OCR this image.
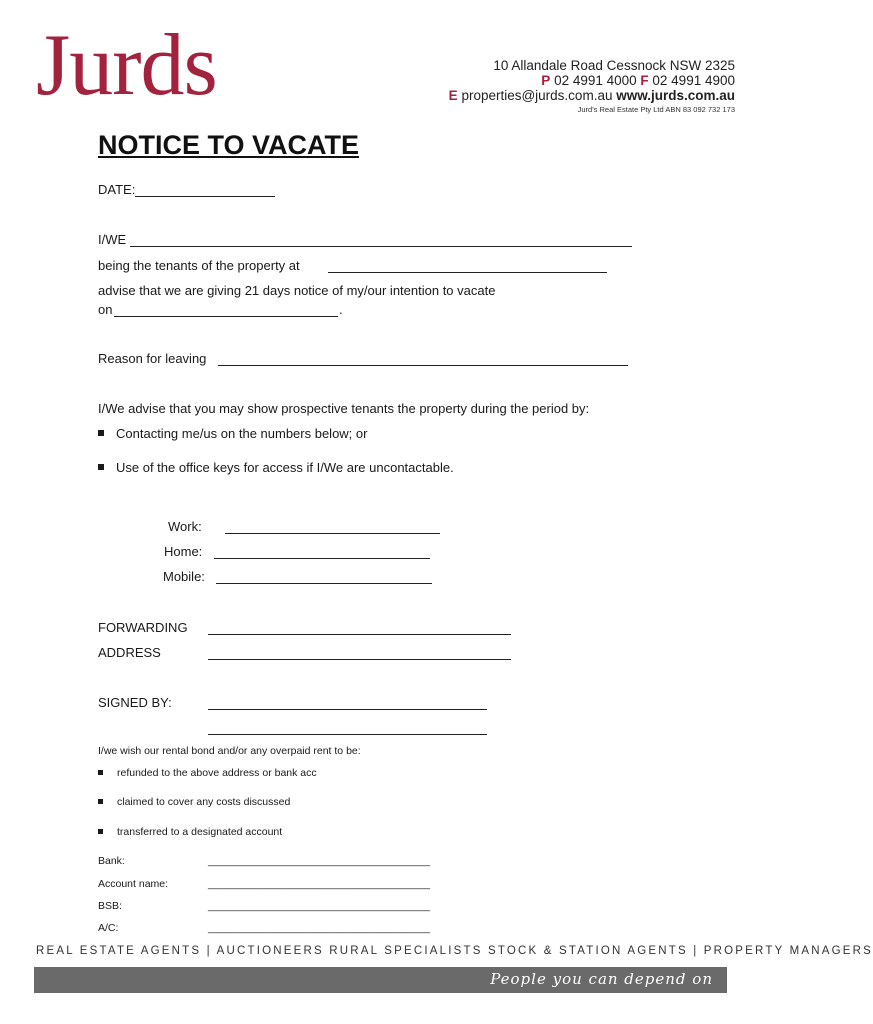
Jurds	10 Allandale Road Cessnock NSW 2325
P 02 4991 4000 F 02 4991 4900
E properties@jurds.com.au www.jurds.com.au
Jurd's Real Estate Pty Ltd ABN 83 092 732 173
NOTICE TO VACATE
DATE:
I/WE
being the tenants of the property at
advise that we are giving 21 days notice of my/our intention to vacate
on	.
Reason for leaving
I/We advise that you may show prospective tenants the property during the period by:
Contacting me/us on the numbers below; or
Use of the office keys for access if I/We are uncontactable.
Work:
Home:
Mobile:
FORWARDING
ADDRESS
SIGNED BY:
I/we wish our rental bond and/or any overpaid rent to be:
refunded to the above address or bank acc
claimed to cover any costs discussed
transferred to a designated account
Bank:	______________________________________
Account name:	______________________________________
BSB:	______________________________________
A/C:	______________________________________
REAL ESTATE AGENTS | AUCTIONEERS RURAL SPECIALISTS STOCK & STATION AGENTS | PROPERTY MANAGERS
People you can depend on
